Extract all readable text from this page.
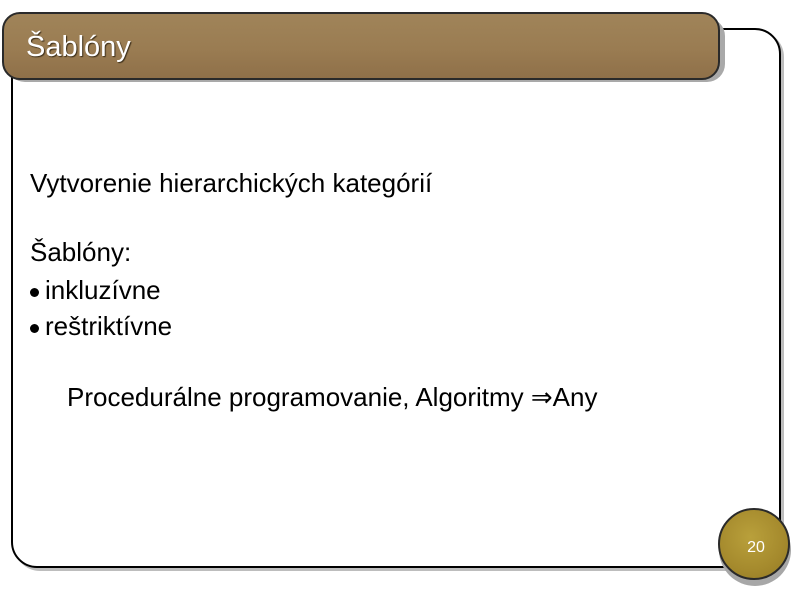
Šablóny
Vytvorenie hierarchických kategórií
Šablóny:
inkluzívne
reštriktívne
Procedurálne programovanie, Algoritmy ⇒Any
20
